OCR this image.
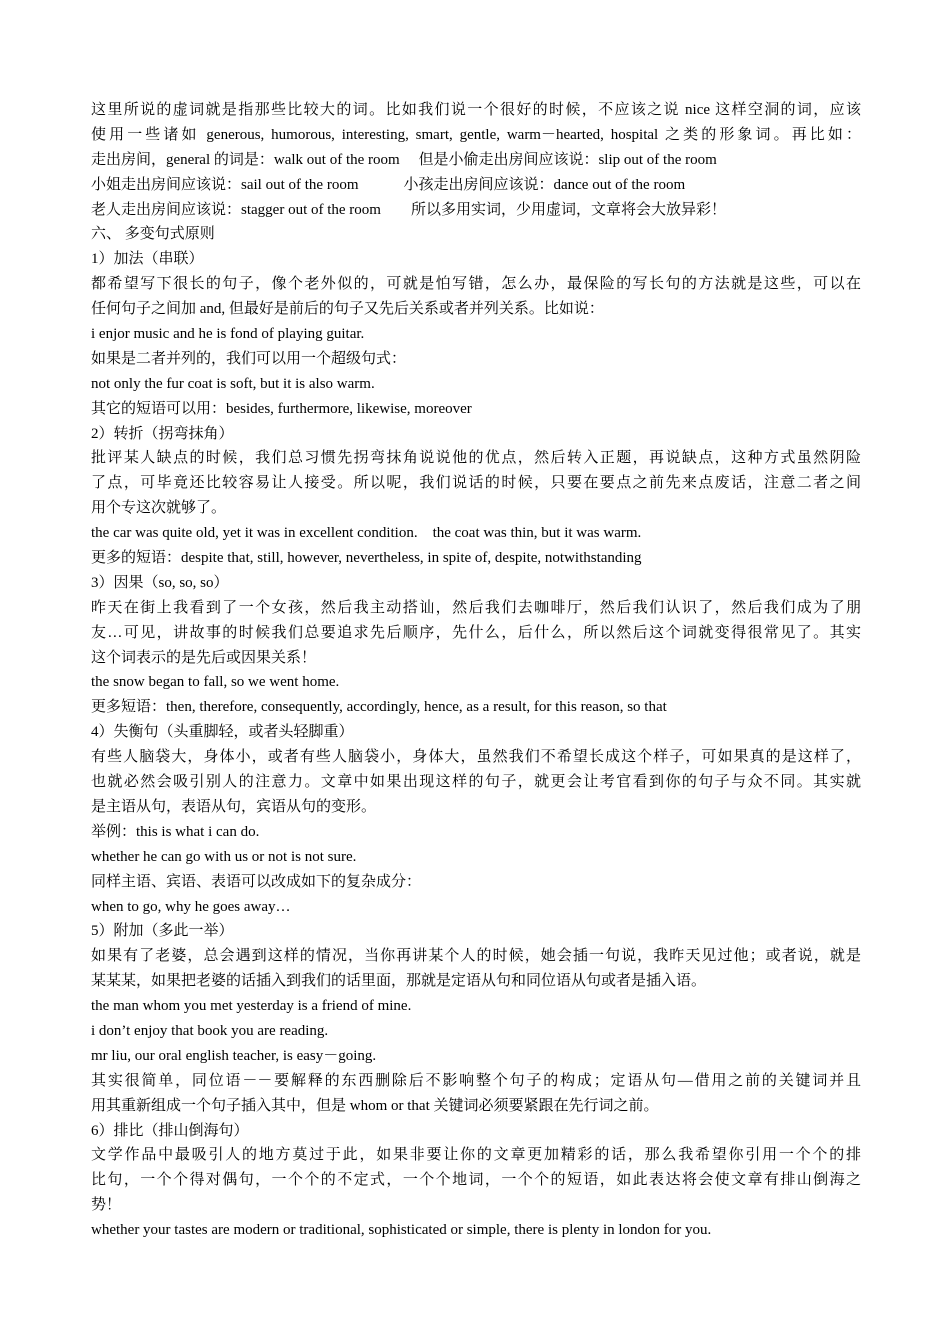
这里所说的虚词就是指那些比较大的词。比如我们说一个很好的时候，不应该之说 nice 这样空洞的词，应该
使用一些诸如 generous, humorous, interesting, smart, gentle, warm－hearted, hospital 之类的形象词。再比如：
走出房间，general 的词是：walk out of the room　 但是小偷走出房间应该说：slip out of the room
小姐走出房间应该说：sail out of the room　　　小孩走出房间应该说：dance out of the room
老人走出房间应该说：stagger out of the room　　所以多用实词，少用虚词，文章将会大放异彩！
六、 多变句式原则
1）加法（串联）
都希望写下很长的句子，像个老外似的，可就是怕写错，怎么办，最保险的写长句的方法就是这些，可以在
任何句子之间加 and, 但最好是前后的句子又先后关系或者并列关系。比如说：
i enjor music and he is fond of playing guitar.
如果是二者并列的，我们可以用一个超级句式：
not only the fur coat is soft, but it is also warm.
其它的短语可以用：besides, furthermore, likewise, moreover
2）转折（拐弯抹角）
批评某人缺点的时候，我们总习惯先拐弯抹角说说他的优点，然后转入正题，再说缺点，这种方式虽然阴险
了点，可毕竟还比较容易让人接受。所以呢，我们说话的时候，只要在要点之前先来点废话，注意二者之间
用个专这次就够了。
the car was quite old, yet it was in excellent condition.　the coat was thin, but it was warm.
更多的短语：despite that, still, however, nevertheless, in spite of, despite, notwithstanding
3）因果（so, so, so）
昨天在街上我看到了一个女孩，然后我主动搭讪，然后我们去咖啡厅，然后我们认识了，然后我们成为了朋
友…可见，讲故事的时候我们总要追求先后顺序，先什么，后什么，所以然后这个词就变得很常见了。其实
这个词表示的是先后或因果关系！
the snow began to fall, so we went home.
更多短语：then, therefore, consequently, accordingly, hence, as a result, for this reason, so that
4）失衡句（头重脚轻，或者头轻脚重）
有些人脑袋大，身体小，或者有些人脑袋小，身体大，虽然我们不希望长成这个样子，可如果真的是这样了，
也就必然会吸引别人的注意力。文章中如果出现这样的句子，就更会让考官看到你的句子与众不同。其实就
是主语从句，表语从句，宾语从句的变形。
举例：this is what i can do.
whether he can go with us or not is not sure.
同样主语、宾语、表语可以改成如下的复杂成分：
when to go, why he goes away…
5）附加（多此一举）
如果有了老婆，总会遇到这样的情况，当你再讲某个人的时候，她会插一句说，我昨天见过他；或者说，就是
某某某，如果把老婆的话插入到我们的话里面，那就是定语从句和同位语从句或者是插入语。
the man whom you met yesterday is a friend of mine.
i don’t enjoy that book you are reading.
mr liu, our oral english teacher, is easy－going.
其实很简单，同位语－－要解释的东西删除后不影响整个句子的构成；定语从句—借用之前的关键词并且
用其重新组成一个句子插入其中，但是 whom or that 关键词必须要紧跟在先行词之前。
6）排比（排山倒海句）
文学作品中最吸引人的地方莫过于此，如果非要让你的文章更加精彩的话，那么我希望你引用一个个的排
比句，一个个得对偶句，一个个的不定式，一个个地词，一个个的短语，如此表达将会使文章有排山倒海之
势！
whether your tastes are modern or traditional, sophisticated or simple, there is plenty in london for you.
